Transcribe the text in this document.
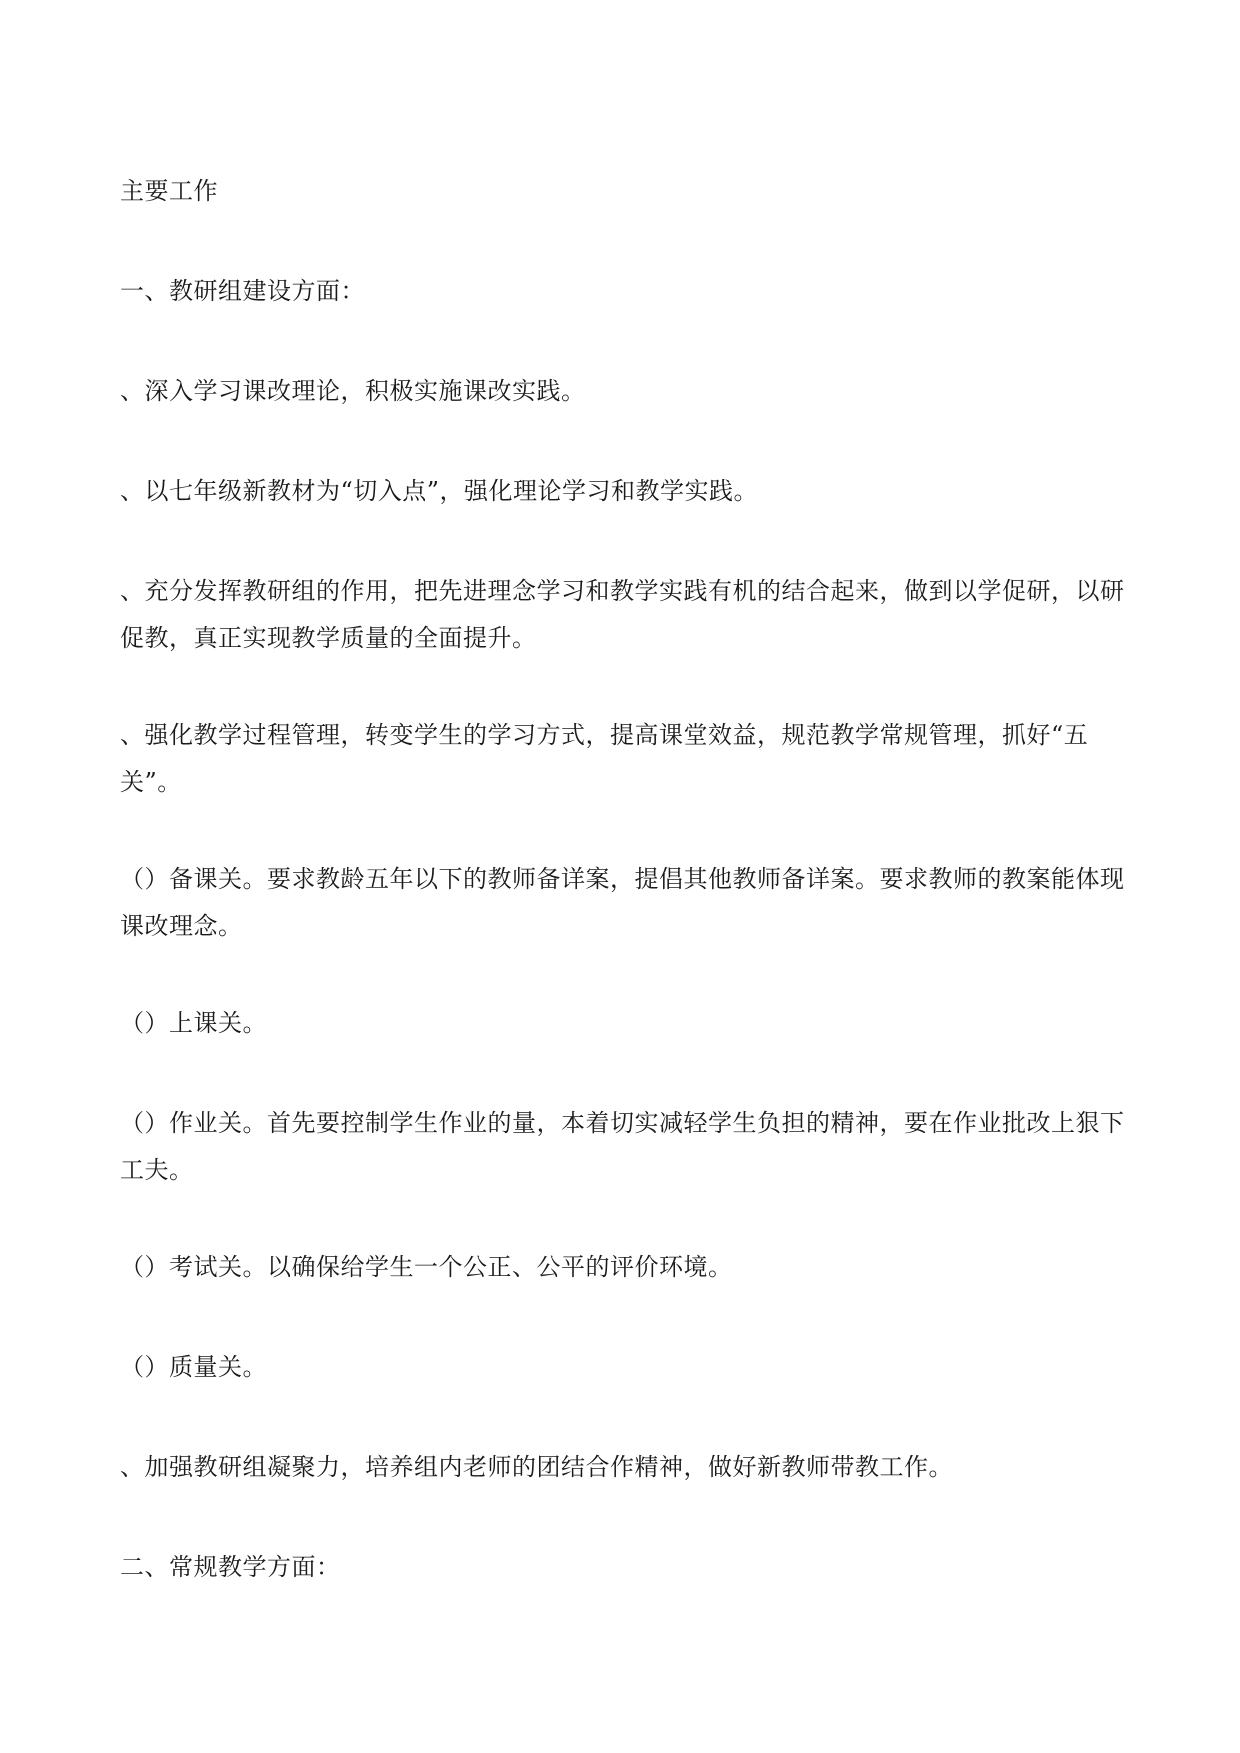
主要工作

一、教研组建设方面：

、深入学习课改理论，积极实施课改实践。

、以七年级新教材为“切入点”，强化理论学习和教学实践。

、充分发挥教研组的作用，把先进理念学习和教学实践有机的结合起来，做到以学促研，以研促教，真正实现教学质量的全面提升。

、强化教学过程管理，转变学生的学习方式，提高课堂效益，规范教学常规管理，抓好“五关”。

（）备课关。要求教龄五年以下的教师备详案，提倡其他教师备详案。要求教师的教案能体现课改理念。

（）上课关。

（）作业关。首先要控制学生作业的量，本着切实减轻学生负担的精神，要在作业批改上狠下工夫。

（）考试关。以确保给学生一个公正、公平的评价环境。

（）质量关。

、加强教研组凝聚力，培养组内老师的团结合作精神，做好新教师带教工作。

二、常规教学方面：
